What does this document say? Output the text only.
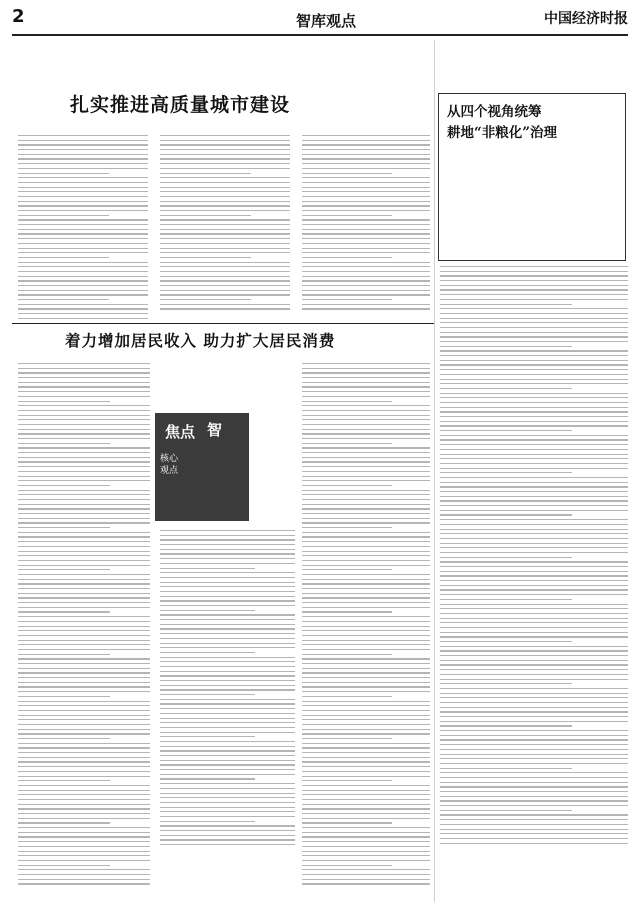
2	智库观点	中国经济时报
扎实推进高质量城市建设	从四个视角统筹
耕地“非粮化”治理
着力增加居民收入 助力扩大居民消费
焦点 智
核心观点
